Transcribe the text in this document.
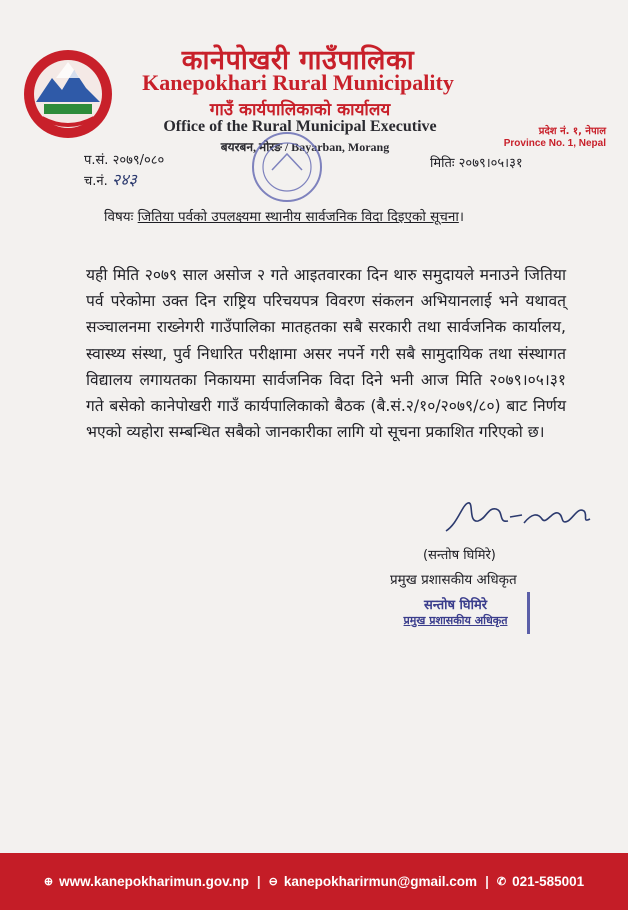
कानेपोखरी गाउँपालिका
Kanepokhari Rural Municipality
गाउँ कार्यपालिकाको कार्यालय
Office of the Rural Municipal Executive
बयरबन, मोरङ / Bayarban, Morang
प्रदेश नं. १, नेपाल
Province No. 1, Nepal
प.सं. २०७९/०८०
च.नं. २४३
मितिः २०७९।०५।३१
विषयः जितिया पर्वको उपलक्ष्यमा स्थानीय सार्वजनिक विदा दिइएको सूचना।
यही मिति २०७९ साल असोज २ गते आइतवारका दिन थारु समुदायले मनाउने जितिया पर्व परेकोमा उक्त दिन राष्ट्रिय परिचयपत्र विवरण संकलन अभियानलाई भने यथावत् सञ्चालनमा राख्नेगरी गाउँपालिका मातहतका सबै सरकारी तथा सार्वजनिक कार्यालय, स्वास्थ्य संस्था, पुर्व निधारित परीक्षामा असर नपर्ने गरी सबै सामुदायिक तथा संस्थागत विद्यालय लगायतका निकायमा सार्वजनिक विदा दिने भनी आज मिति २०७९।०५।३१ गते बसेको कानेपोखरी गाउँ कार्यपालिकाको बैठक (बै.सं.२/१०/२०७९/८०) बाट निर्णय भएको व्यहोरा सम्बन्धित सबैको जानकारीका लागि यो सूचना प्रकाशित गरिएको छ।
(सन्तोष घिमिरे)
प्रमुख प्रशासकीय अधिकृत
सन्तोष घिमिरे
प्रमुख प्रशासकीय अधिकृत
⊕ www.kanepokharimun.gov.np | ⊖ kanepokharirmun@gmail.com | ✆ 021-585001
